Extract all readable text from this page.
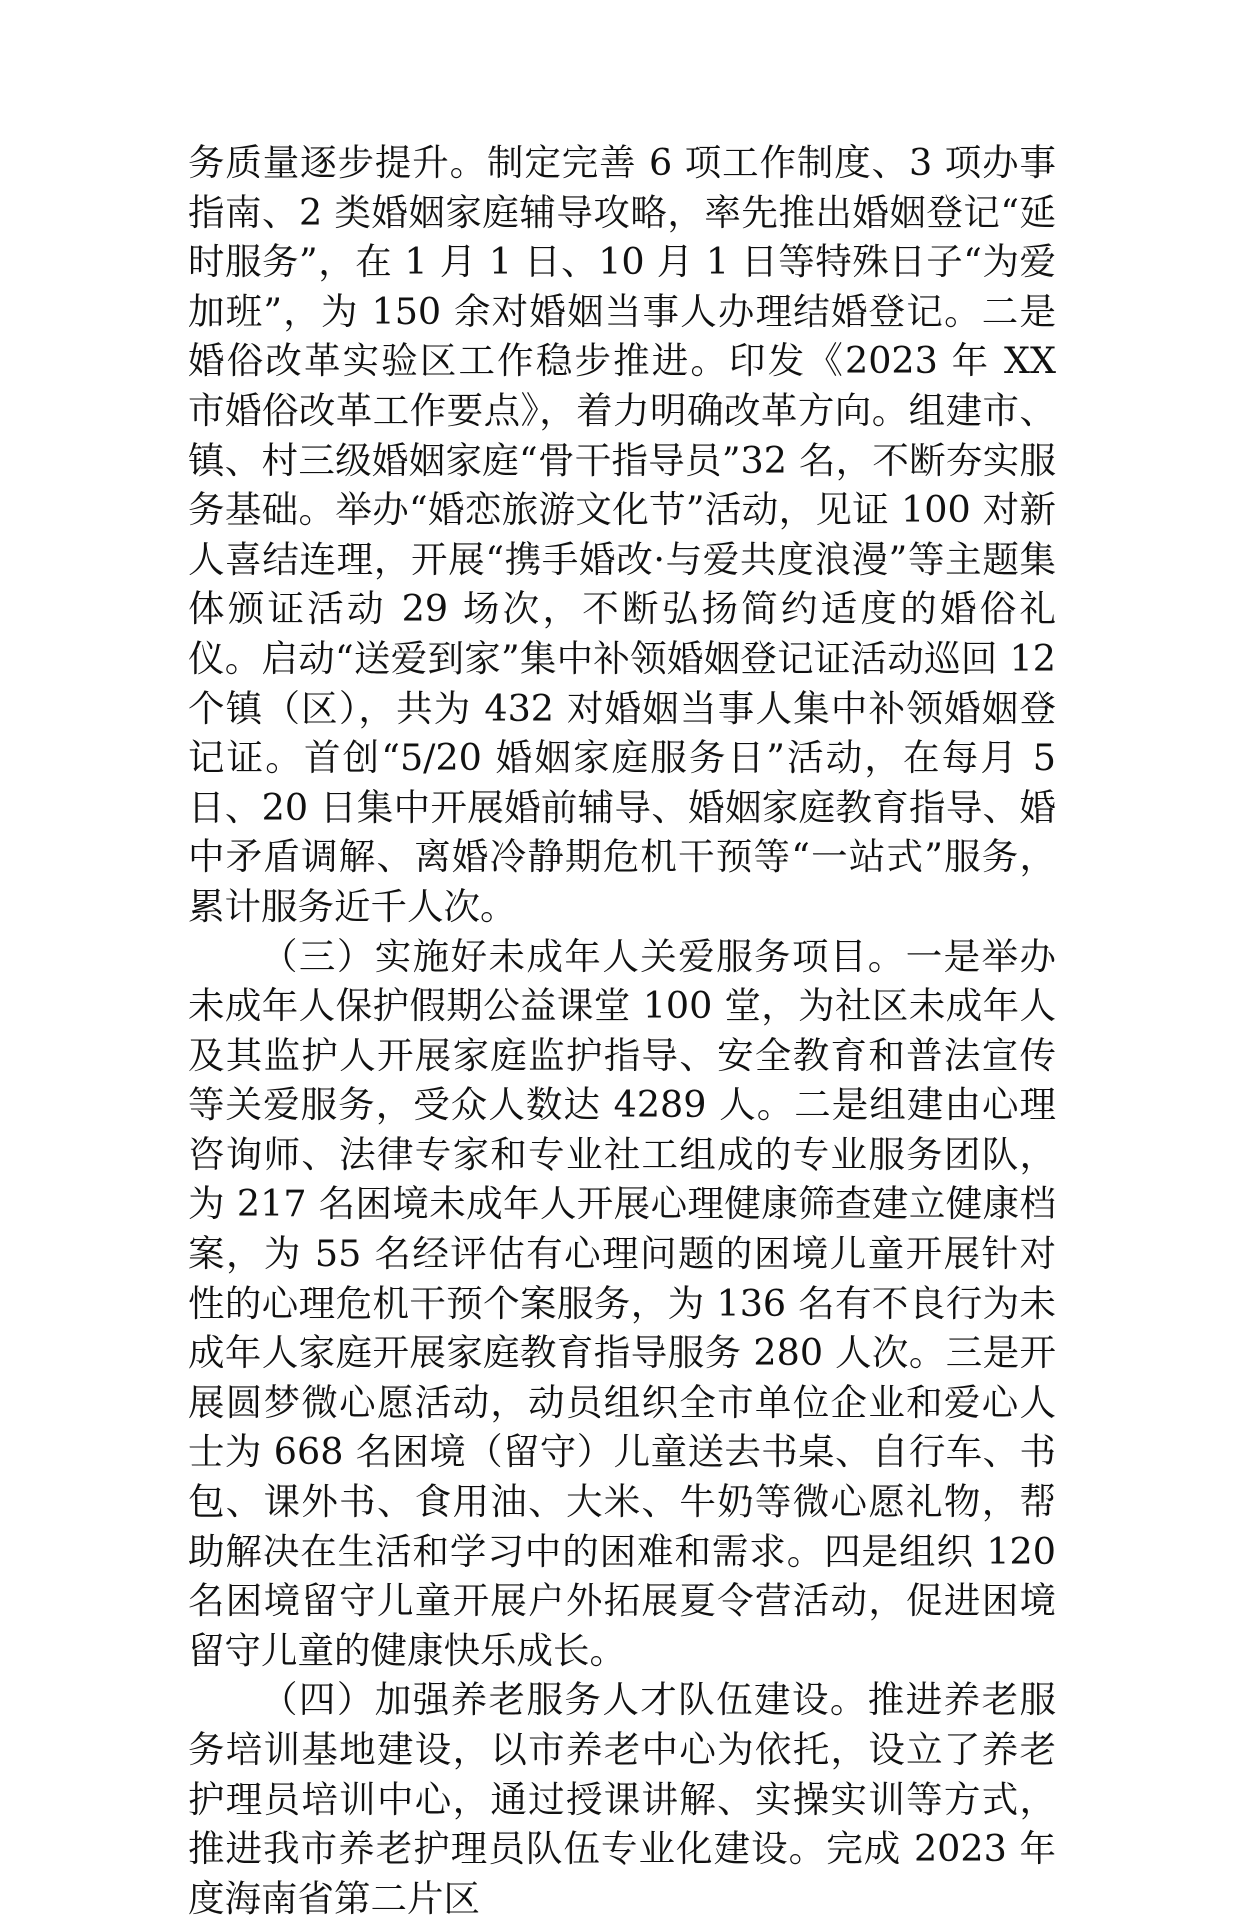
务质量逐步提升。制定完善 6 项工作制度、3 项办事指南、2 类婚姻家庭辅导攻略，率先推出婚姻登记“延时服务”，在 1 月 1 日、10 月 1 日等特殊日子“为爱加班”，为 150 余对婚姻当事人办理结婚登记。二是婚俗改革实验区工作稳步推进。印发《2023 年 XX 市婚俗改革工作要点》，着力明确改革方向。组建市、镇、村三级婚姻家庭“骨干指导员”32 名，不断夯实服务基础。举办“婚恋旅游文化节”活动，见证 100 对新人喜结连理，开展“携手婚改·与爱共度浪漫”等主题集体颁证活动 29 场次，不断弘扬简约适度的婚俗礼仪。启动“送爱到家”集中补领婚姻登记证活动巡回 12 个镇（区），共为 432 对婚姻当事人集中补领婚姻登记证。首创“5/20 婚姻家庭服务日”活动，在每月 5 日、20 日集中开展婚前辅导、婚姻家庭教育指导、婚中矛盾调解、离婚冷静期危机干预等“一站式”服务，累计服务近千人次。

（三）实施好未成年人关爱服务项目。一是举办未成年人保护假期公益课堂 100 堂，为社区未成年人及其监护人开展家庭监护指导、安全教育和普法宣传等关爱服务，受众人数达 4289 人。二是组建由心理咨询师、法律专家和专业社工组成的专业服务团队，为 217 名困境未成年人开展心理健康筛查建立健康档案，为 55 名经评估有心理问题的困境儿童开展针对性的心理危机干预个案服务，为 136 名有不良行为未成年人家庭开展家庭教育指导服务 280 人次。三是开展圆梦微心愿活动，动员组织全市单位企业和爱心人士为 668 名困境（留守）儿童送去书桌、自行车、书包、课外书、食用油、大米、牛奶等微心愿礼物，帮助解决在生活和学习中的困难和需求。四是组织 120 名困境留守儿童开展户外拓展夏令营活动，促进困境留守儿童的健康快乐成长。

（四）加强养老服务人才队伍建设。推进养老服务培训基地建设，以市养老中心为依托，设立了养老护理员培训中心，通过授课讲解、实操实训等方式，推进我市养老护理员队伍专业化建设。完成 2023 年度海南省第二片区
